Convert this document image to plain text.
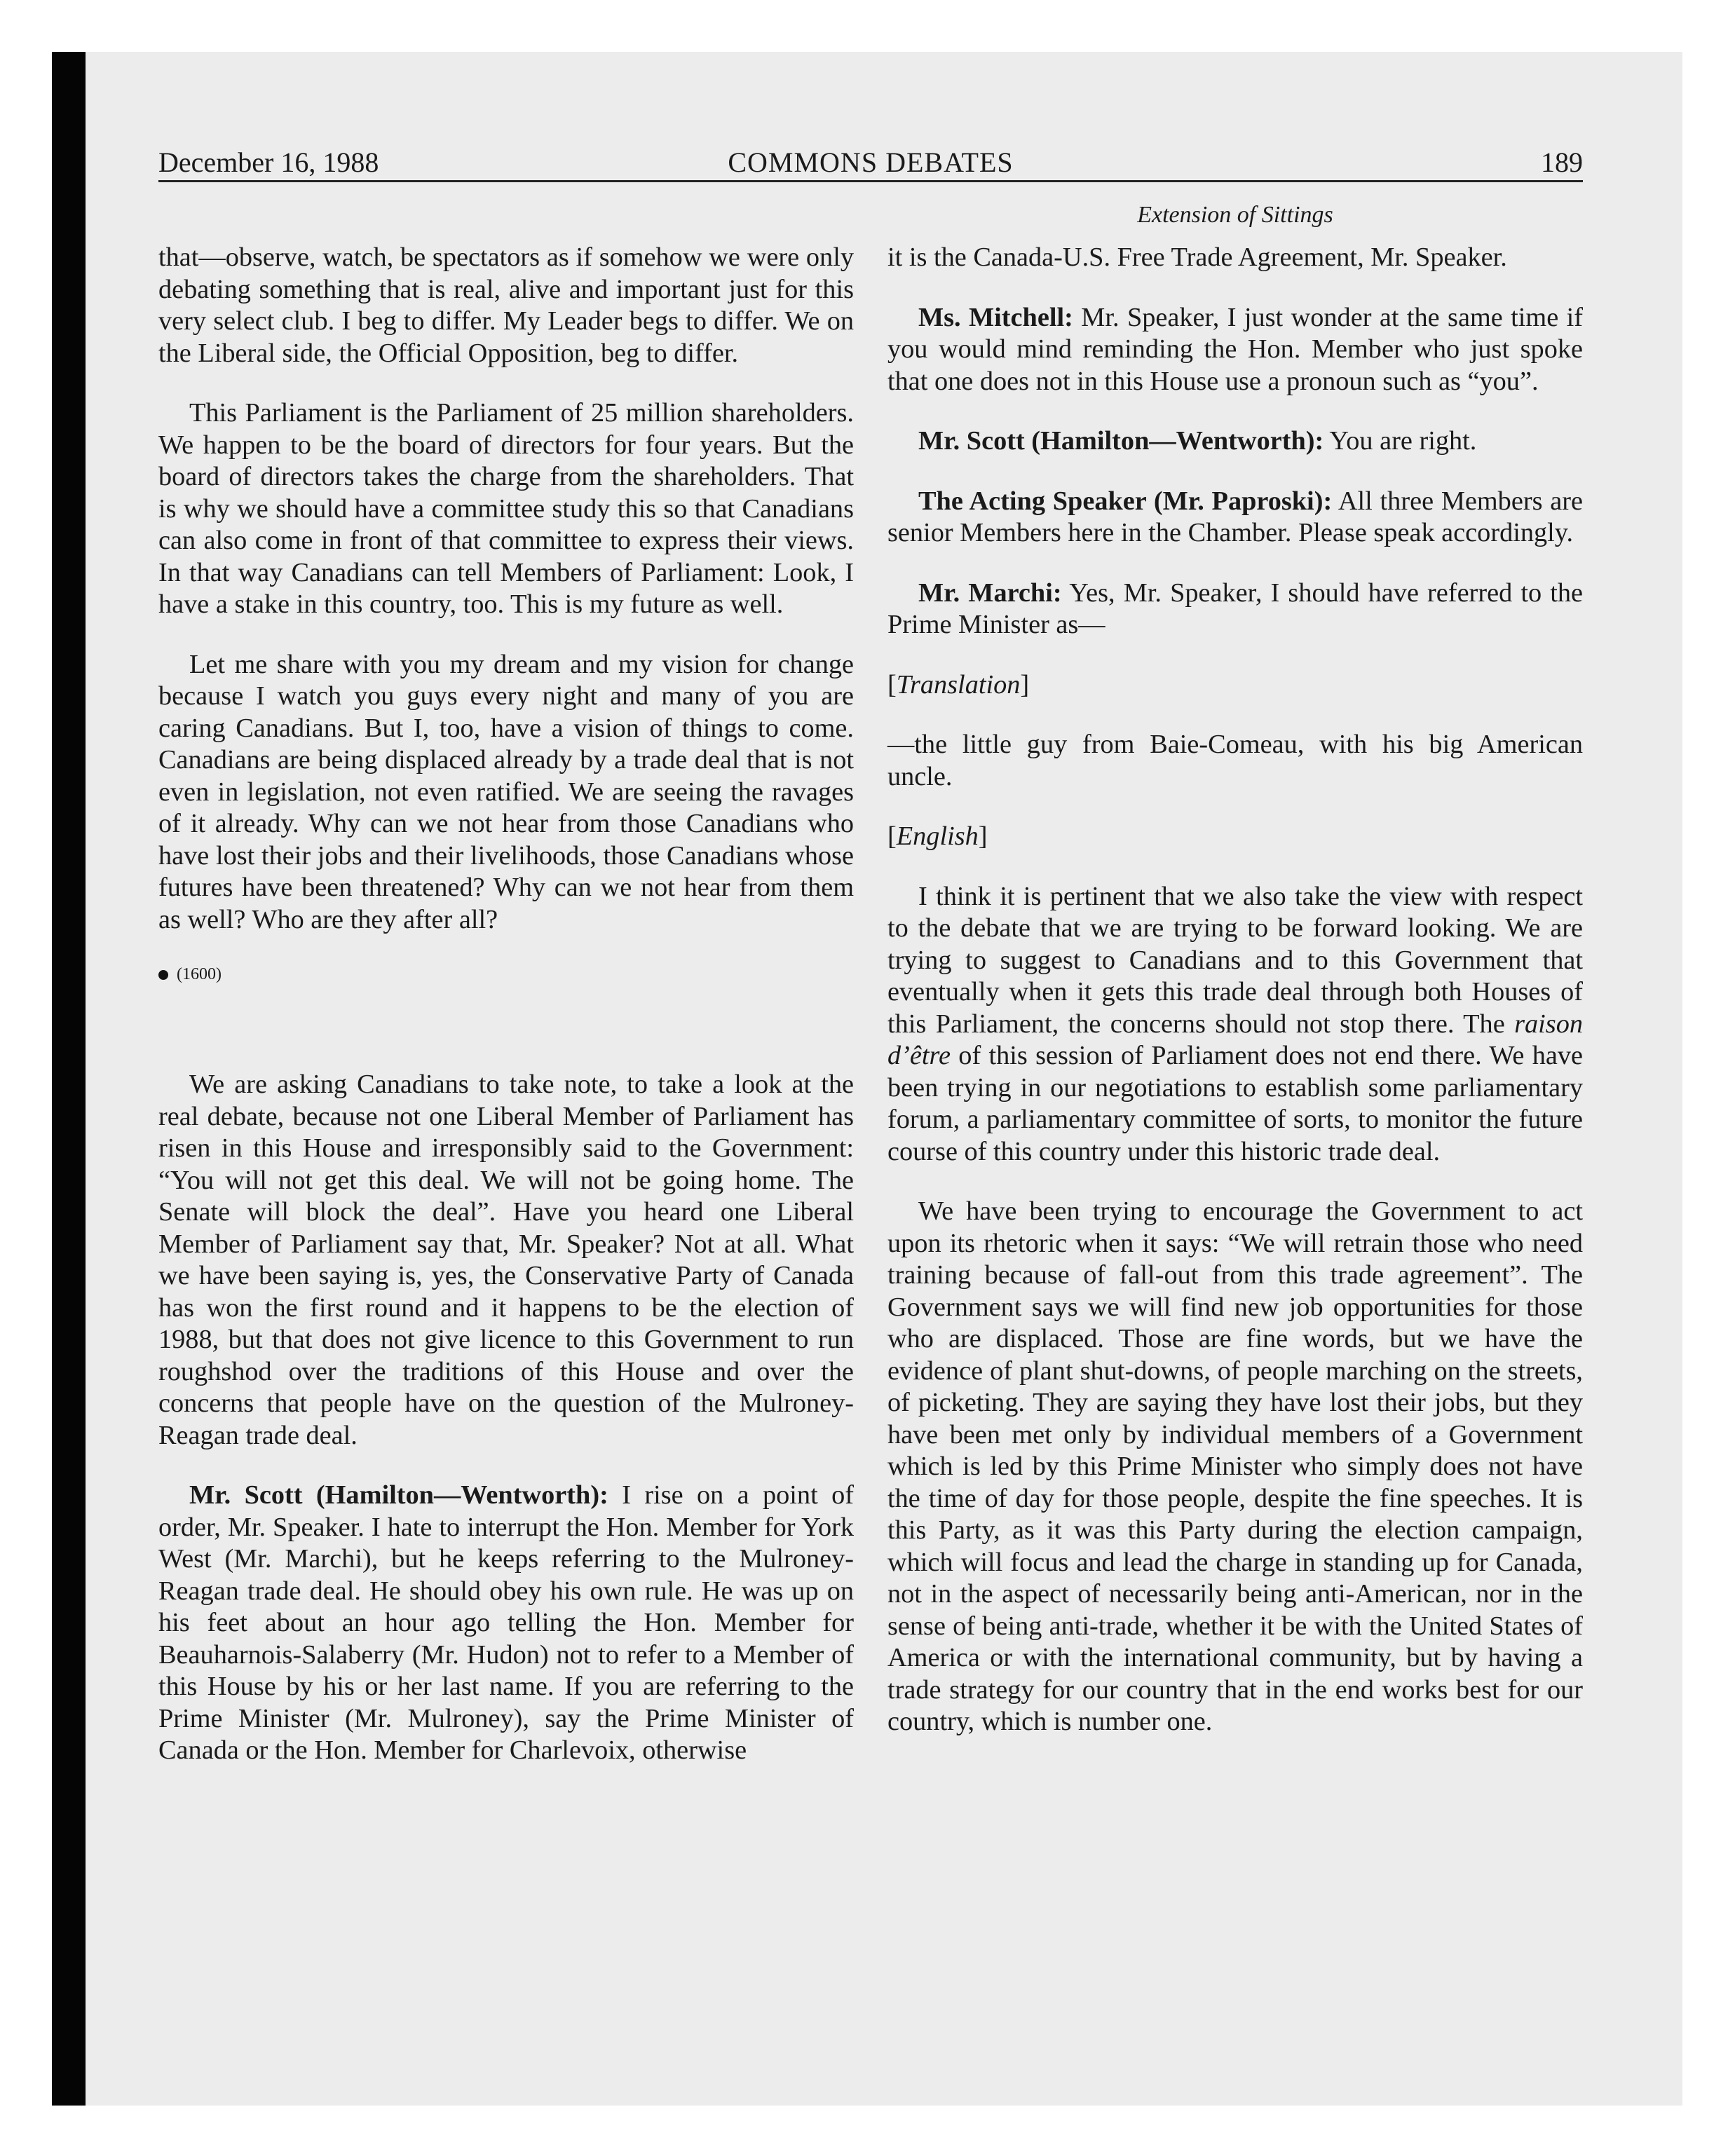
December 16, 1988	COMMONS DEBATES	189
Extension of Sittings

that—observe, watch, be spectators as if somehow we were only debating something that is real, alive and important just for this very select club. I beg to differ. My Leader begs to differ. We on the Liberal side, the Official Opposition, beg to differ.

This Parliament is the Parliament of 25 million shareholders. We happen to be the board of directors for four years. But the board of directors takes the charge from the shareholders. That is why we should have a committee study this so that Canadians can also come in front of that committee to express their views. In that way Canadians can tell Members of Parliament: Look, I have a stake in this country, too. This is my future as well.

Let me share with you my dream and my vision for change because I watch you guys every night and many of you are caring Canadians. But I, too, have a vision of things to come. Canadians are being displaced already by a trade deal that is not even in legislation, not even ratified. We are seeing the ravages of it already. Why can we not hear from those Canadians who have lost their jobs and their livelihoods, those Canadians whose futures have been threatened? Why can we not hear from them as well? Who are they after all?

(1600)

We are asking Canadians to take note, to take a look at the real debate, because not one Liberal Member of Parliament has risen in this House and irresponsibly said to the Government: “You will not get this deal. We will not be going home. The Senate will block the deal”. Have you heard one Liberal Member of Parliament say that, Mr. Speaker? Not at all. What we have been saying is, yes, the Conservative Party of Canada has won the first round and it happens to be the election of 1988, but that does not give licence to this Government to run roughshod over the traditions of this House and over the concerns that people have on the question of the Mulroney-Reagan trade deal.

Mr. Scott (Hamilton—Wentworth): I rise on a point of order, Mr. Speaker. I hate to interrupt the Hon. Member for York West (Mr. Marchi), but he keeps referring to the Mulroney-Reagan trade deal. He should obey his own rule. He was up on his feet about an hour ago telling the Hon. Member for Beauharnois-Salaberry (Mr. Hudon) not to refer to a Member of this House by his or her last name. If you are referring to the Prime Minister (Mr. Mulroney), say the Prime Minister of Canada or the Hon. Member for Charlevoix, otherwise

it is the Canada-U.S. Free Trade Agreement, Mr. Speaker.

Ms. Mitchell: Mr. Speaker, I just wonder at the same time if you would mind reminding the Hon. Member who just spoke that one does not in this House use a pronoun such as “you”.

Mr. Scott (Hamilton—Wentworth): You are right.

The Acting Speaker (Mr. Paproski): All three Members are senior Members here in the Chamber. Please speak accordingly.

Mr. Marchi: Yes, Mr. Speaker, I should have referred to the Prime Minister as—

[Translation]

—the little guy from Baie-Comeau, with his big American uncle.

[English]

I think it is pertinent that we also take the view with respect to the debate that we are trying to be forward looking. We are trying to suggest to Canadians and to this Government that eventually when it gets this trade deal through both Houses of this Parliament, the concerns should not stop there. The raison d’être of this session of Parliament does not end there. We have been trying in our negotiations to establish some parliamentary forum, a parliamentary committee of sorts, to monitor the future course of this country under this historic trade deal.

We have been trying to encourage the Government to act upon its rhetoric when it says: “We will retrain those who need training because of fall-out from this trade agreement”. The Government says we will find new job opportunities for those who are displaced. Those are fine words, but we have the evidence of plant shut-downs, of people marching on the streets, of picketing. They are saying they have lost their jobs, but they have been met only by individual members of a Government which is led by this Prime Minister who simply does not have the time of day for those people, despite the fine speeches. It is this Party, as it was this Party during the election campaign, which will focus and lead the charge in standing up for Canada, not in the aspect of necessarily being anti-American, nor in the sense of being anti-trade, whether it be with the United States of America or with the international community, but by having a trade strategy for our country that in the end works best for our country, which is number one.
